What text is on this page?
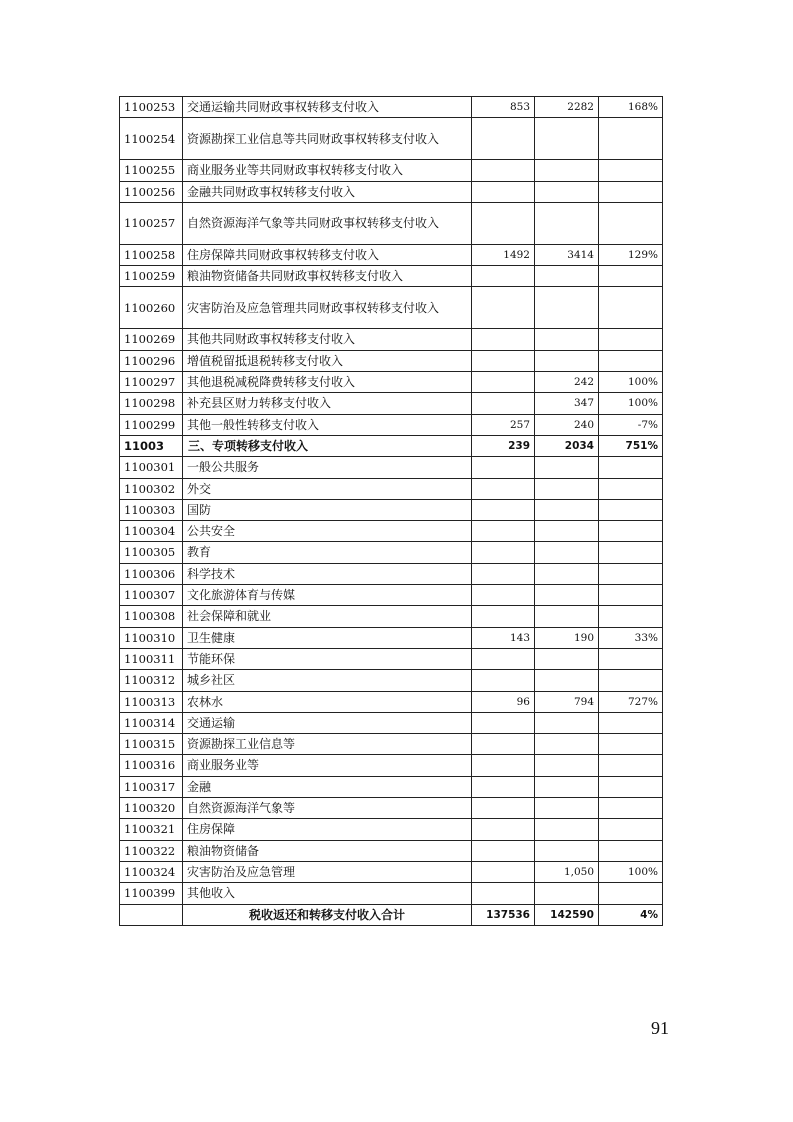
1100253	交通运输共同财政事权转移支付收入	853	2282	168%
1100254	资源勘探工业信息等共同财政事权转移支付收入			
1100255	商业服务业等共同财政事权转移支付收入			
1100256	金融共同财政事权转移支付收入			
1100257	自然资源海洋气象等共同财政事权转移支付收入			
1100258	住房保障共同财政事权转移支付收入	1492	3414	129%
1100259	粮油物资储备共同财政事权转移支付收入			
1100260	灾害防治及应急管理共同财政事权转移支付收入			
1100269	其他共同财政事权转移支付收入			
1100296	增值税留抵退税转移支付收入			
1100297	其他退税减税降费转移支付收入		242	100%
1100298	补充县区财力转移支付收入		347	100%
1100299	其他一般性转移支付收入	257	240	-7%
11003	三、专项转移支付收入	239	2034	751%
1100301	一般公共服务			
1100302	外交			
1100303	国防			
1100304	公共安全			
1100305	教育			
1100306	科学技术			
1100307	文化旅游体育与传媒			
1100308	社会保障和就业			
1100310	卫生健康	143	190	33%
1100311	节能环保			
1100312	城乡社区			
1100313	农林水	96	794	727%
1100314	交通运输			
1100315	资源勘探工业信息等			
1100316	商业服务业等			
1100317	金融			
1100320	自然资源海洋气象等			
1100321	住房保障			
1100322	粮油物资储备			
1100324	灾害防治及应急管理		1,050	100%
1100399	其他收入			
	税收返还和转移支付收入合计	137536	142590	4%
91
